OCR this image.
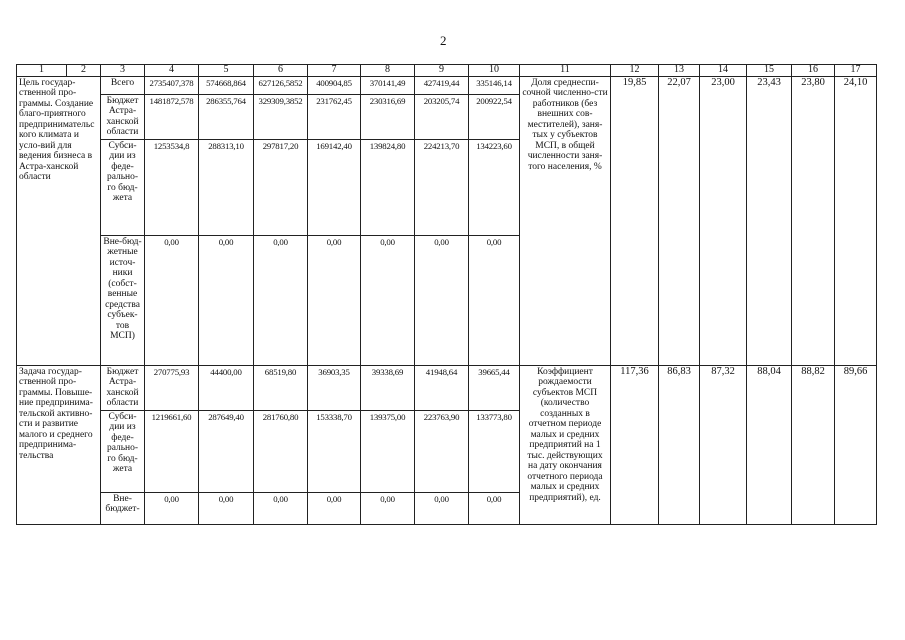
2
1	2	3	4	5	6	7	8	9	10	11	12	13	14	15	16	17
Цель государ-ственной про-граммы. Создание благо-приятного предпринимательского климата и усло-вий для ведения бизнеса в Астра-ханской области		Всего	2735407,378	574668,864	627126,5852	400904,85	370141,49	427419,44	335146,14	Доля среднеспи-сочной численно-сти работников (без внешних сов-местителей), заня-тых у субъектов МСП, в общей численности заня-того населения, %	19,85	22,07	23,00	23,43	23,80	24,10
		Бюджет Астра-ханской области	1481872,578	286355,764	329309,3852	231762,45	230316,69	203205,74	200922,54							
		Субси-дии из феде-рально-го бюд-жета	1253534,8	288313,10	297817,20	169142,40	139824,80	224213,70	134223,60							
		Вне-бюд-жетные источ-ники (собст-венные средства субъек-тов МСП)	0,00	0,00	0,00	0,00	0,00	0,00	0,00							
Задача государ-ственной про-граммы. Повыше-ние предпринима-тельской активно-сти и развитие малого и среднего предпринима-тельства		Бюджет Астра-ханской области	270775,93	44400,00	68519,80	36903,35	39338,69	41948,64	39665,44	Коэффициент рождаемости субъектов МСП (количество созданных в отчетном периоде малых и средних предприятий на 1 тыс. действующих на дату окончания отчетного периода малых и средних предприятий), ед.	117,36	86,83	87,32	88,04	88,82	89,66
		Субси-дии из феде-рально-го бюд-жета	1219661,60	287649,40	281760,80	153338,70	139375,00	223763,90	133773,80							
		Вне-бюджет-	0,00	0,00	0,00	0,00	0,00	0,00	0,00							
